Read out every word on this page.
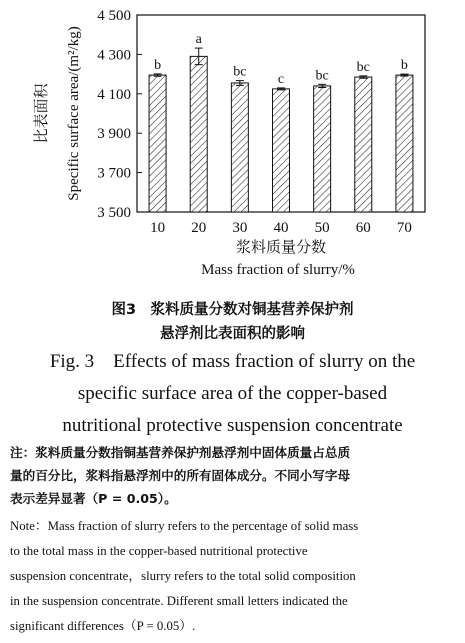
3 500
3 700
3 900
4 100
4 300
4 500
b
10
a
20
bc
30
c
40
bc
50
bc
60
b
70
浆料质量分数
Mass fraction of slurry/%
比表面积 Specific surface area/(m²/kg)
图3　浆料质量分数对铜基营养保护剂
悬浮剂比表面积的影响
Fig. 3　Effects of mass fraction of slurry on the
specific surface area of the copper-based
nutritional protective suspension concentrate
注：浆料质量分数指铜基营养保护剂悬浮剂中固体质量占总质
量的百分比，浆料指悬浮剂中的所有固体成分。不同小写字母
表示差异显著（P = 0.05）。
Note：Mass fraction of slurry refers to the percentage of solid mass
to the total mass in the copper-based nutritional protective
suspension concentrate，slurry refers to the total solid composition
in the suspension concentrate. Different small letters indicated the
significant differences（P = 0.05）.
